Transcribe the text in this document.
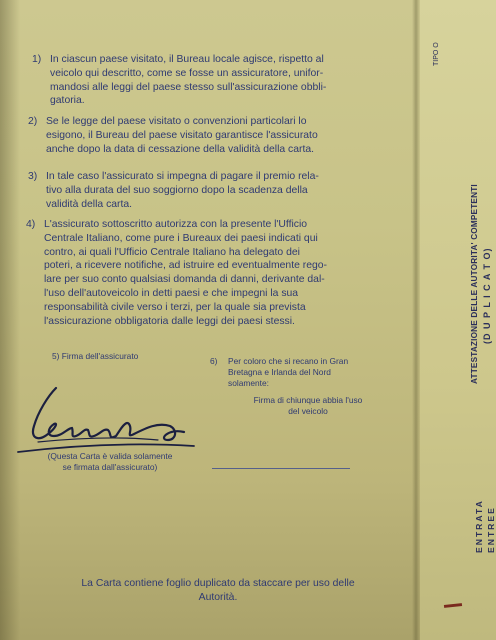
1) In ciascun paese visitato, il Bureau locale agisce, rispetto al
veicolo qui descritto, come se fosse un assicuratore, unifor-
mandosi alle leggi del paese stesso sull'assicurazione obbli-
gatoria.
2) Se le legge del paese visitato o convenzioni particolari lo
esigono, il Bureau del paese visitato garantisce l'assicurato
anche dopo la data di cessazione della validità della carta.
3) In tale caso l'assicurato si impegna di pagare il premio rela-
tivo alla durata del suo soggiorno dopo la scadenza della
validità della carta.
4) L'assicurato sottoscritto autorizza con la presente l'Ufficio
Centrale Italiano, come pure i Bureaux dei paesi indicati qui
contro, ai quali l'Ufficio Centrale Italiano ha delegato dei
poteri, a ricevere notifiche, ad istruire ed eventualmente rego-
lare per suo conto qualsiasi domanda di danni, derivante dal-
l'uso dell'autoveicolo in detti paesi e che impegni la sua
responsabilità civile verso i terzi, per la quale sia prevista
l'assicurazione obbligatoria dalle leggi dei paesi stessi.
5) Firma dell'assicurato
(Questa Carta è valida solamente
se firmata dall'assicurato)
6) Per coloro che si recano in Gran
Bretagna e Irlanda del Nord
solamente:
Firma di chiunque abbia l'uso
del veicolo
La Carta contiene foglio duplicato da staccare per uso delle
Autorità.
TIPO O
ATTESTAZIONE DELLE AUTORITA' COMPETENTI (D U P L I C A T O)
ENTRATA ENTREE
